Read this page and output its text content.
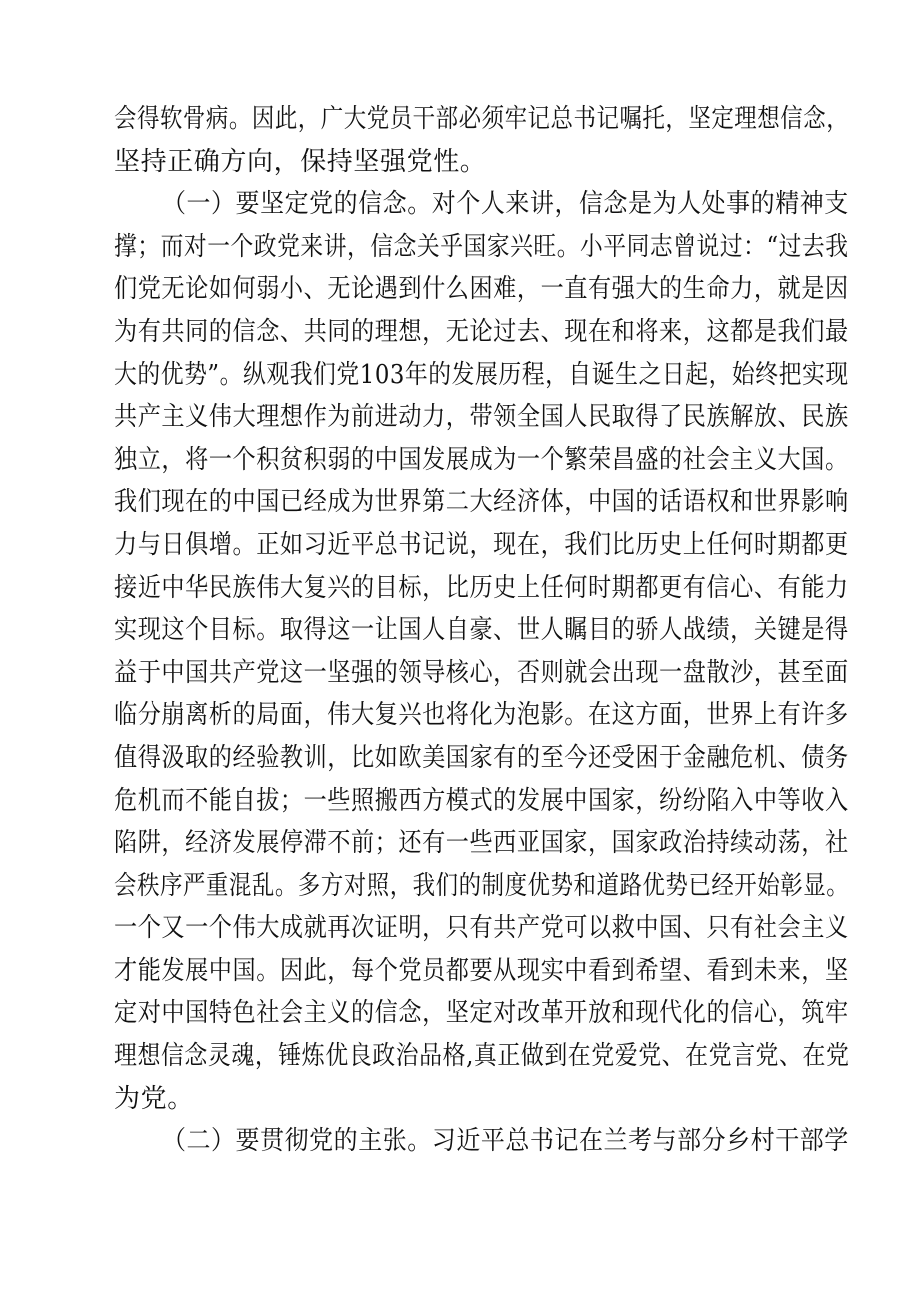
会得软骨病。因此，广大党员干部必须牢记总书记嘱托，坚定理想信念，
坚持正确方向，保持坚强党性。
（一）要坚定党的信念。对个人来讲，信念是为人处事的精神支
撑；而对一个政党来讲，信念关乎国家兴旺。小平同志曾说过：“过去我
们党无论如何弱小、无论遇到什么困难，一直有强大的生命力，就是因
为有共同的信念、共同的理想，无论过去、现在和将来，这都是我们最
大的优势”。纵观我们党103年的发展历程，自诞生之日起，始终把实现
共产主义伟大理想作为前进动力，带领全国人民取得了民族解放、民族
独立，将一个积贫积弱的中国发展成为一个繁荣昌盛的社会主义大国。
我们现在的中国已经成为世界第二大经济体，中国的话语权和世界影响
力与日俱增。正如习近平总书记说，现在，我们比历史上任何时期都更
接近中华民族伟大复兴的目标，比历史上任何时期都更有信心、有能力
实现这个目标。取得这一让国人自豪、世人瞩目的骄人战绩，关键是得
益于中国共产党这一坚强的领导核心，否则就会出现一盘散沙，甚至面
临分崩离析的局面，伟大复兴也将化为泡影。在这方面，世界上有许多
值得汲取的经验教训，比如欧美国家有的至今还受困于金融危机、债务
危机而不能自拔；一些照搬西方模式的发展中国家，纷纷陷入中等收入
陷阱，经济发展停滞不前；还有一些西亚国家，国家政治持续动荡，社
会秩序严重混乱。多方对照，我们的制度优势和道路优势已经开始彰显。
一个又一个伟大成就再次证明，只有共产党可以救中国、只有社会主义
才能发展中国。因此，每个党员都要从现实中看到希望、看到未来，坚
定对中国特色社会主义的信念，坚定对改革开放和现代化的信心，筑牢
理想信念灵魂，锤炼优良政治品格,真正做到在党爱党、在党言党、在党
为党。
（二）要贯彻党的主张。习近平总书记在兰考与部分乡村干部学
